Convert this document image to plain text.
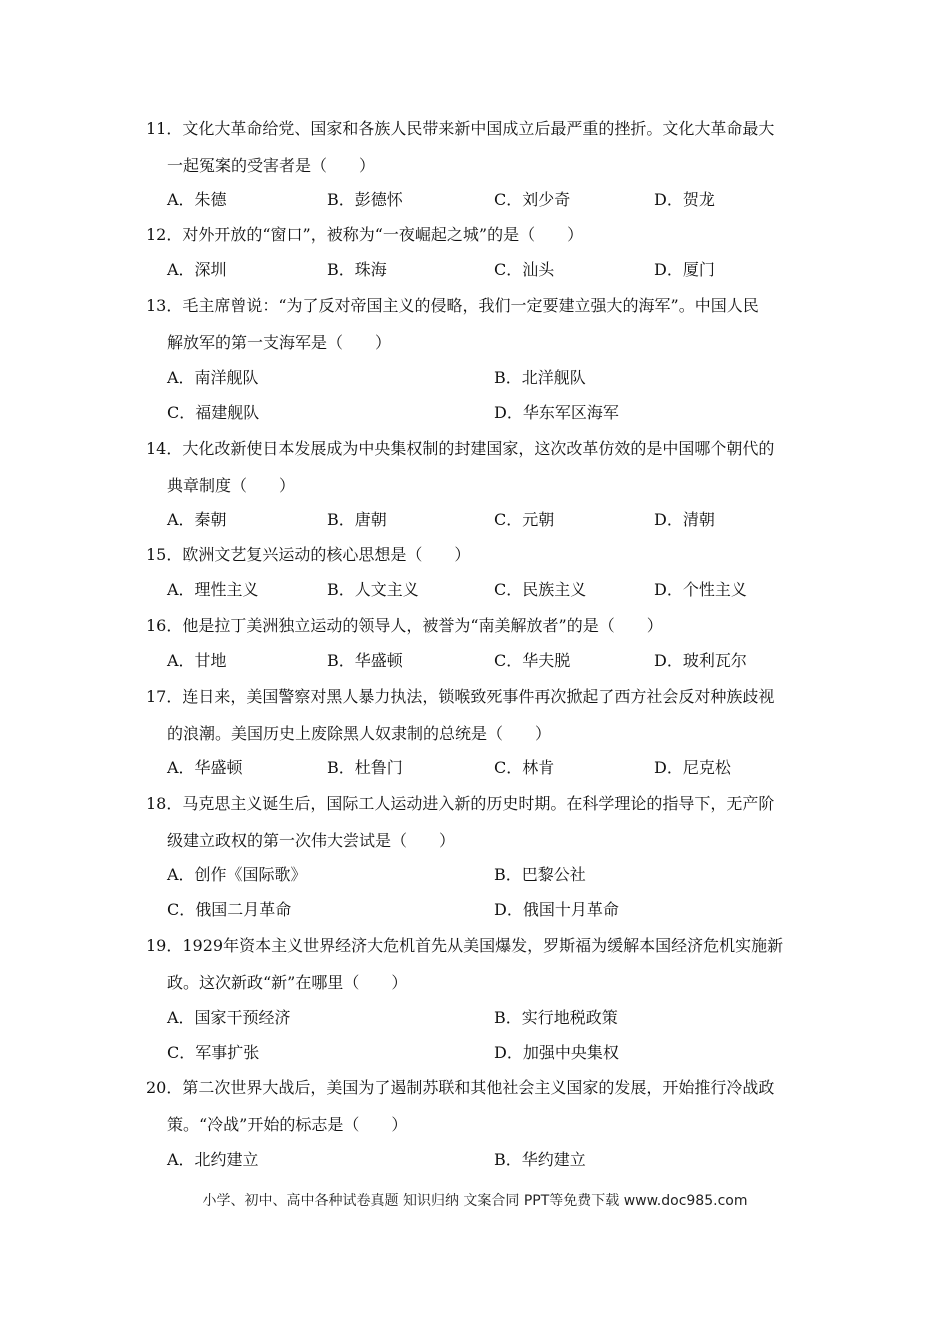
11．文化大革命给党、国家和各族人民带来新中国成立后最严重的挫折。文化大革命最大
一起冤案的受害者是（　　）
A．朱德	B．彭德怀	C．刘少奇	D．贺龙
12．对外开放的“窗口”，被称为“一夜崛起之城”的是（　　）
A．深圳	B．珠海	C．汕头	D．厦门
13．毛主席曾说：“为了反对帝国主义的侵略，我们一定要建立强大的海军”。中国人民
解放军的第一支海军是（　　）
A．南洋舰队	B．北洋舰队
C．福建舰队	D．华东军区海军
14．大化改新使日本发展成为中央集权制的封建国家，这次改革仿效的是中国哪个朝代的
典章制度（　　）
A．秦朝	B．唐朝	C．元朝	D．清朝
15．欧洲文艺复兴运动的核心思想是（　　）
A．理性主义	B．人文主义	C．民族主义	D．个性主义
16．他是拉丁美洲独立运动的领导人，被誉为“南美解放者”的是（　　）
A．甘地	B．华盛顿	C．华夫脱	D．玻利瓦尔
17．连日来，美国警察对黑人暴力执法，锁喉致死事件再次掀起了西方社会反对种族歧视
的浪潮。美国历史上废除黑人奴隶制的总统是（　　）
A．华盛顿	B．杜鲁门	C．林肯	D．尼克松
18．马克思主义诞生后，国际工人运动进入新的历史时期。在科学理论的指导下，无产阶
级建立政权的第一次伟大尝试是（　　）
A．创作《国际歌》	B．巴黎公社
C．俄国二月革命	D．俄国十月革命
19．1929年资本主义世界经济大危机首先从美国爆发，罗斯福为缓解本国经济危机实施新
政。这次新政“新”在哪里（　　）
A．国家干预经济	B．实行地税政策
C．军事扩张	D．加强中央集权
20．第二次世界大战后，美国为了遏制苏联和其他社会主义国家的发展，开始推行冷战政
策。“冷战”开始的标志是（　　）
A．北约建立	B．华约建立
小学、初中、高中各种试卷真题 知识归纳 文案合同 PPT等免费下载 www.doc985.com
